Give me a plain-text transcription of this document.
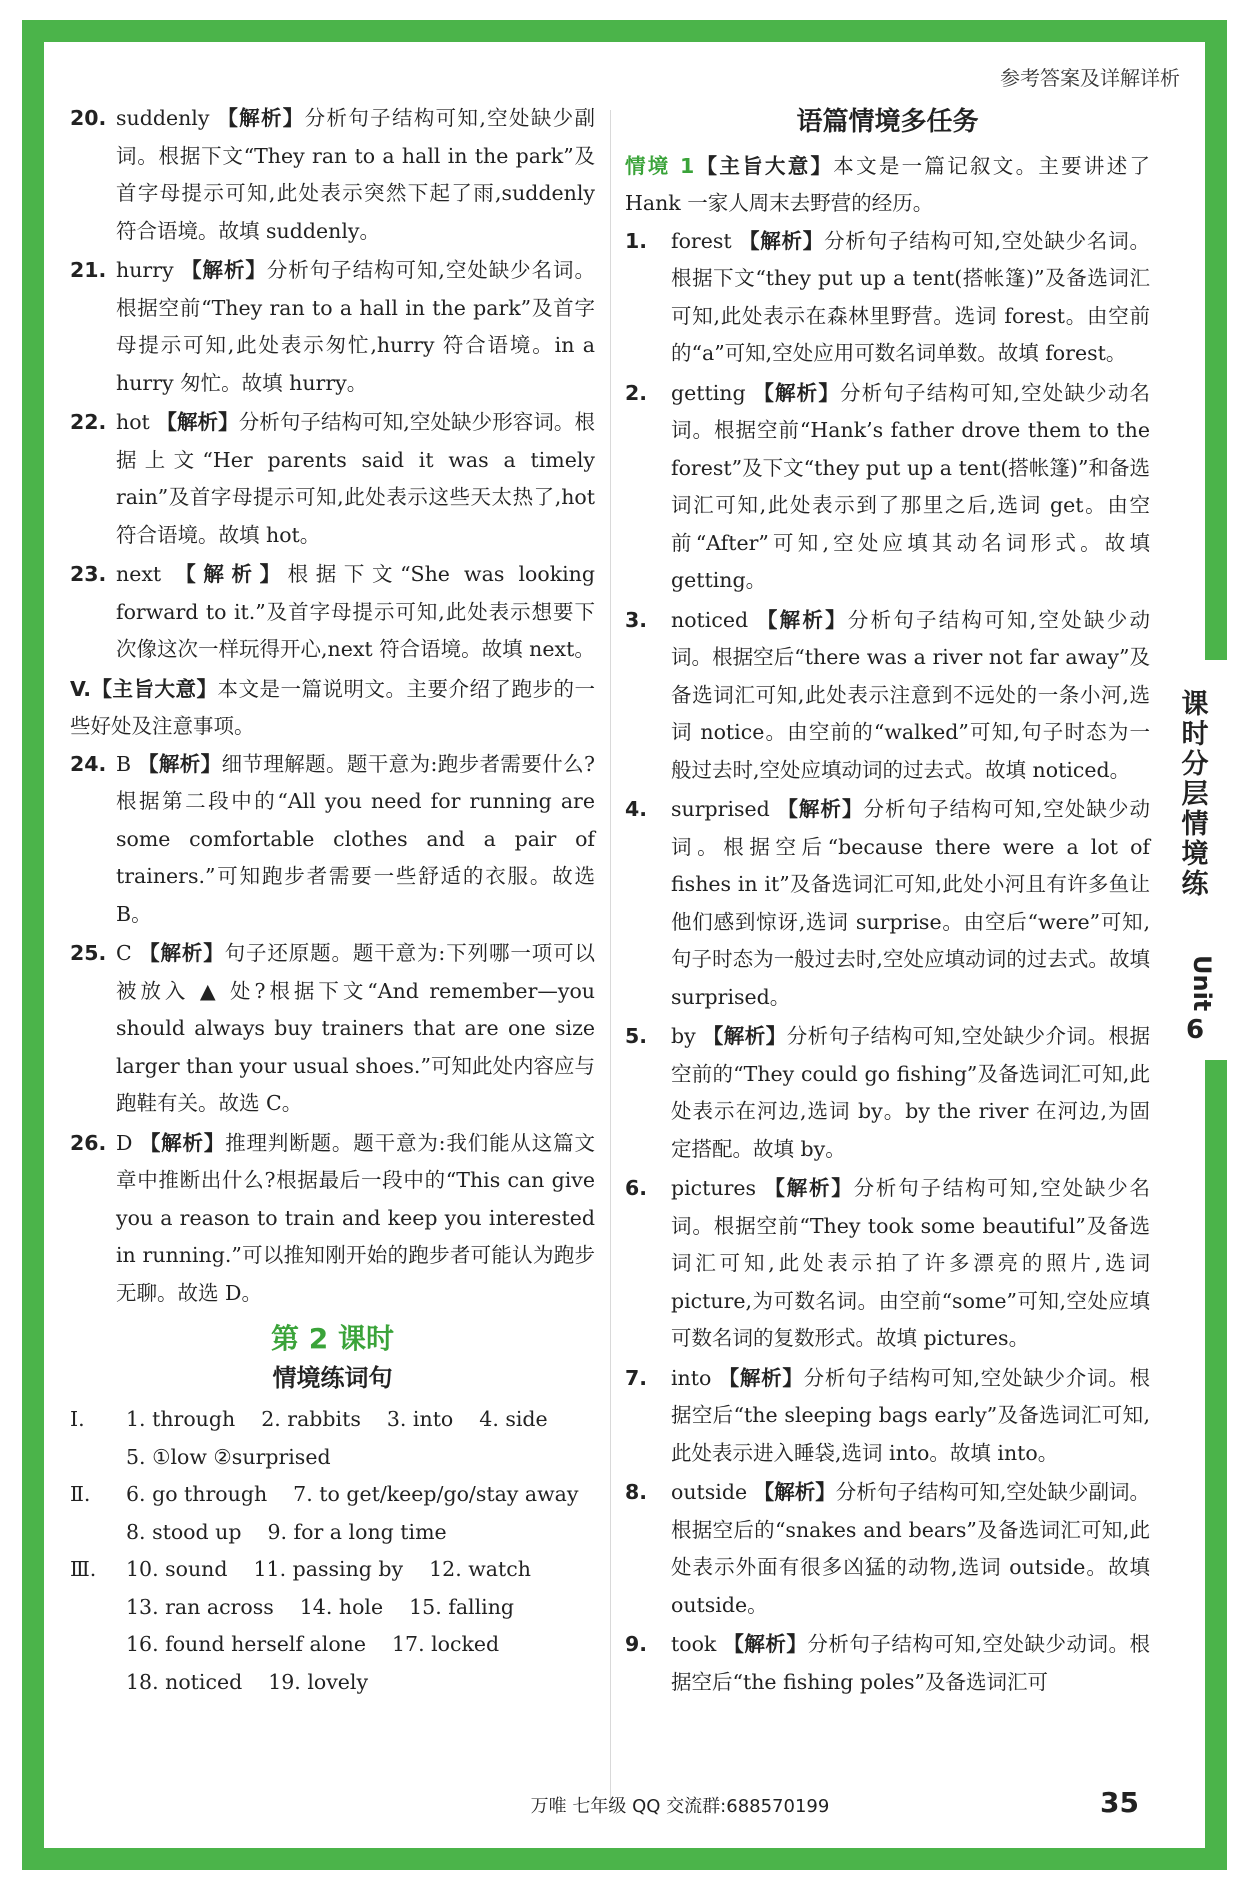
课时分层情境练
Unit
6
参考答案及详解详析

20. suddenly 【解析】分析句子结构可知,空处缺少副词。根据下文“They ran to a hall in the park”及首字母提示可知,此处表示突然下起了雨,suddenly 符合语境。故填 suddenly。

21. hurry 【解析】分析句子结构可知,空处缺少名词。根据空前“They ran to a hall in the park”及首字母提示可知,此处表示匆忙,hurry 符合语境。in a hurry 匆忙。故填 hurry。

22. hot 【解析】分析句子结构可知,空处缺少形容词。根据上文“Her parents said it was a timely rain”及首字母提示可知,此处表示这些天太热了,hot 符合语境。故填 hot。

23. next 【解析】根据下文“She was looking forward to it.”及首字母提示可知,此处表示想要下次像这次一样玩得开心,next 符合语境。故填 next。

V.【主旨大意】本文是一篇说明文。主要介绍了跑步的一些好处及注意事项。

24. B 【解析】细节理解题。题干意为:跑步者需要什么?根据第二段中的“All you need for running are some comfortable clothes and a pair of trainers.”可知跑步者需要一些舒适的衣服。故选 B。

25. C 【解析】句子还原题。题干意为:下列哪一项可以被放入 ▲ 处?根据下文“And remember—you should always buy trainers that are one size larger than your usual shoes.”可知此处内容应与跑鞋有关。故选 C。

26. D 【解析】推理判断题。题干意为:我们能从这篇文章中推断出什么?根据最后一段中的“This can give you a reason to train and keep you interested in running.”可以推知刚开始的跑步者可能认为跑步无聊。故选 D。

第 2 课时
情境练词句
Ⅰ.	1. through 2. rabbits 3. into 4. side
5. ①low ②surprised
Ⅱ.	6. go through 7. to get/keep/go/stay away
8. stood up 9. for a long time
Ⅲ. 10. sound 11. passing by 12. watch
13. ran across 14. hole 15. falling
16. found herself alone 17. locked
18. noticed 19. lovely
语篇情境多任务

情境 1【主旨大意】本文是一篇记叙文。主要讲述了 Hank 一家人周末去野营的经历。

1. forest 【解析】分析句子结构可知,空处缺少名词。根据下文“they put up a tent(搭帐篷)”及备选词汇可知,此处表示在森林里野营。选词 forest。由空前的“a”可知,空处应用可数名词单数。故填 forest。

2. getting 【解析】分析句子结构可知,空处缺少动名词。根据空前“Hank’s father drove them to the forest”及下文“they put up a tent(搭帐篷)”和备选词汇可知,此处表示到了那里之后,选词 get。由空前“After”可知,空处应填其动名词形式。故填 getting。

3. noticed 【解析】分析句子结构可知,空处缺少动词。根据空后“there was a river not far away”及备选词汇可知,此处表示注意到不远处的一条小河,选词 notice。由空前的“walked”可知,句子时态为一般过去时,空处应填动词的过去式。故填 noticed。

4. surprised 【解析】分析句子结构可知,空处缺少动词。根据空后“because there were a lot of fishes in it”及备选词汇可知,此处小河且有许多鱼让他们感到惊讶,选词 surprise。由空后“were”可知,句子时态为一般过去时,空处应填动词的过去式。故填 surprised。

5. by 【解析】分析句子结构可知,空处缺少介词。根据空前的“They could go fishing”及备选词汇可知,此处表示在河边,选词 by。by the river 在河边,为固定搭配。故填 by。

6. pictures 【解析】分析句子结构可知,空处缺少名词。根据空前“They took some beautiful”及备选词汇可知,此处表示拍了许多漂亮的照片,选词 picture,为可数名词。由空前“some”可知,空处应填可数名词的复数形式。故填 pictures。

7. into 【解析】分析句子结构可知,空处缺少介词。根据空后“the sleeping bags early”及备选词汇可知,此处表示进入睡袋,选词 into。故填 into。

8. outside 【解析】分析句子结构可知,空处缺少副词。根据空后的“snakes and bears”及备选词汇可知,此处表示外面有很多凶猛的动物,选词 outside。故填 outside。

9. took 【解析】分析句子结构可知,空处缺少动词。根据空后“the fishing poles”及备选词汇可

万唯 七年级 QQ 交流群:688570199	35
